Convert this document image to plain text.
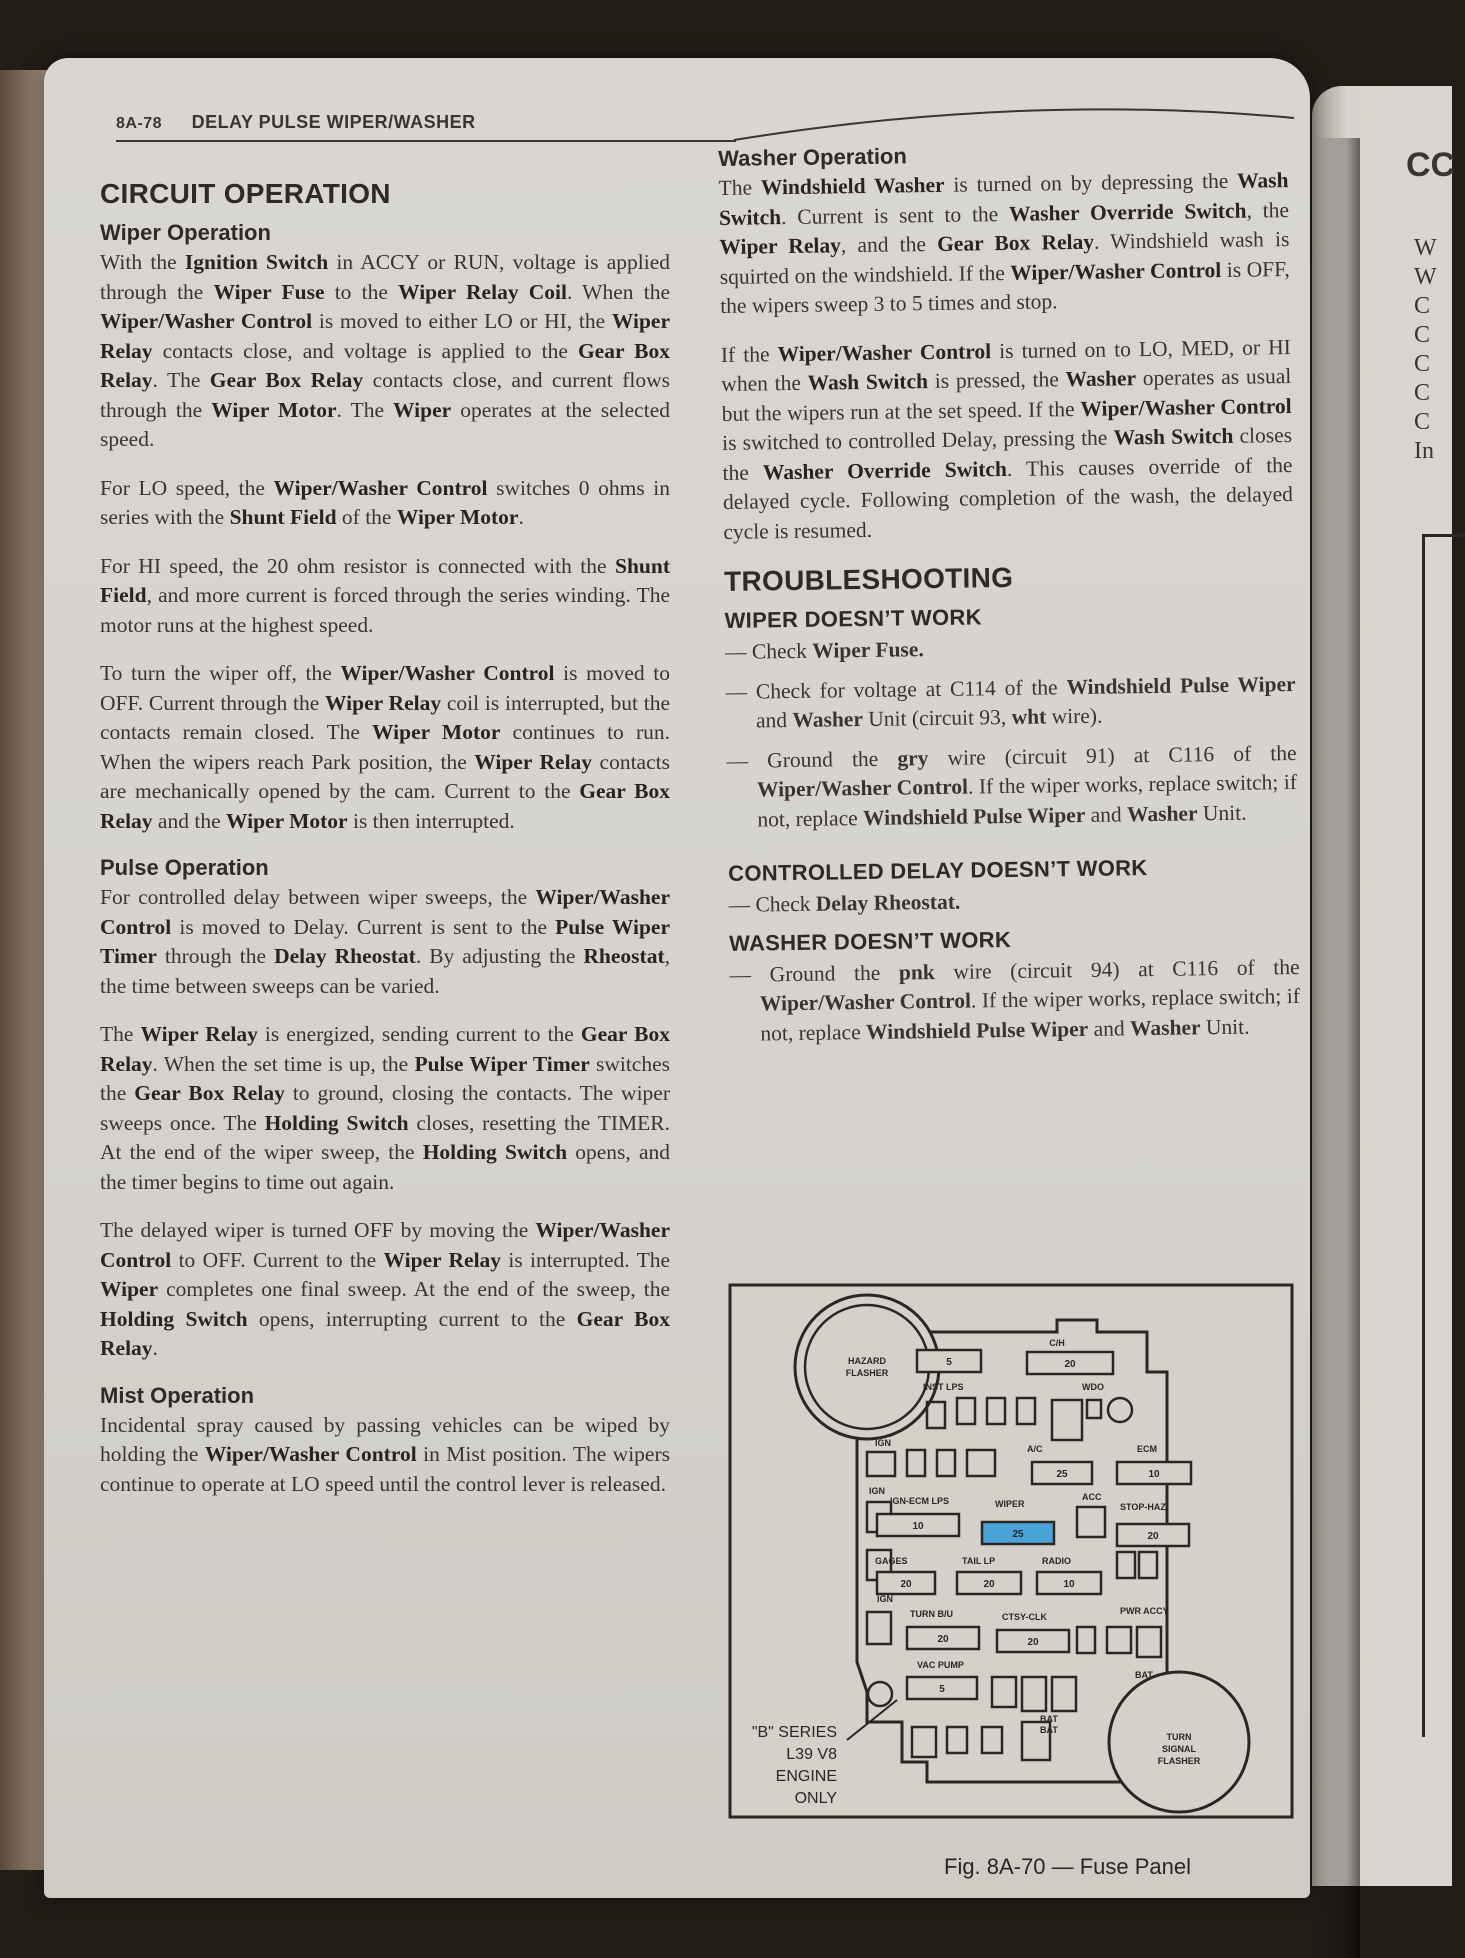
CC
W
W
C
C
C
C
C
In
8A-78 DELAY PULSE WIPER/WASHER
CIRCUIT OPERATION
Wiper Operation
With the Ignition Switch in ACCY or RUN, voltage is applied through the Wiper Fuse to the Wiper Relay Coil. When the Wiper/Washer Control is moved to either LO or HI, the Wiper Relay contacts close, and voltage is applied to the Gear Box Relay. The Gear Box Relay contacts close, and current flows through the Wiper Motor. The Wiper operates at the selected speed.
For LO speed, the Wiper/Washer Control switches 0 ohms in series with the Shunt Field of the Wiper Motor.
For HI speed, the 20 ohm resistor is connected with the Shunt Field, and more current is forced through the series winding. The motor runs at the highest speed.
To turn the wiper off, the Wiper/Washer Control is moved to OFF. Current through the Wiper Relay coil is interrupted, but the contacts remain closed. The Wiper Motor continues to run. When the wipers reach Park position, the Wiper Relay contacts are mechanically opened by the cam. Current to the Gear Box Relay and the Wiper Motor is then interrupted.
Pulse Operation
For controlled delay between wiper sweeps, the Wiper/Washer Control is moved to Delay. Current is sent to the Pulse Wiper Timer through the Delay Rheostat. By adjusting the Rheostat, the time between sweeps can be varied.
The Wiper Relay is energized, sending current to the Gear Box Relay. When the set time is up, the Pulse Wiper Timer switches the Gear Box Relay to ground, closing the contacts. The wiper sweeps once. The Holding Switch closes, resetting the TIMER. At the end of the wiper sweep, the Holding Switch opens, and the timer begins to time out again.
The delayed wiper is turned OFF by moving the Wiper/Washer Control to OFF. Current to the Wiper Relay is interrupted. The Wiper completes one final sweep. At the end of the sweep, the Holding Switch opens, interrupting current to the Gear Box Relay.
Mist Operation
Incidental spray caused by passing vehicles can be wiped by holding the Wiper/Washer Control in Mist position. The wipers continue to operate at LO speed until the control lever is released.
Washer Operation
The Windshield Washer is turned on by depressing the Wash Switch. Current is sent to the Washer Override Switch, the Wiper Relay, and the Gear Box Relay. Windshield wash is squirted on the windshield. If the Wiper/Washer Control is OFF, the wipers sweep 3 to 5 times and stop.
If the Wiper/Washer Control is turned on to LO, MED, or HI when the Wash Switch is pressed, the Washer operates as usual but the wipers run at the set speed. If the Wiper/Washer Control is switched to controlled Delay, pressing the Wash Switch closes the Washer Override Switch. This causes override of the delayed cycle. Following completion of the wash, the delayed cycle is resumed.
TROUBLESHOOTING
WIPER DOESN’T WORK
— Check Wiper Fuse.
— Check for voltage at C114 of the Windshield Pulse Wiper and Washer Unit (circuit 93, wht wire).
— Ground the gry wire (circuit 91) at C116 of the Wiper/Washer Control. If the wiper works, replace switch; if not, replace Windshield Pulse Wiper and Washer Unit.
CONTROLLED DELAY DOESN’T WORK
— Check Delay Rheostat.
WASHER DOESN’T WORK
— Ground the pnk wire (circuit 94) at C116 of the Wiper/Washer Control. If the wiper works, replace switch; if not, replace Windshield Pulse Wiper and Washer Unit.
5	20
25	10
10
25	20
20	20	10
20	20
5
HAZARD
FLASHER
TURN
SIGNAL
FLASHER
C/H
INST LPS	WDO
A/C
IGN
IGN
IGN
ECM
IGN-ECM LPS	WIPER
ACC
STOP-HAZ
GAGES	TAIL LP	RADIO
TURN B/U	CTSY-CLK
PWR ACCY
VAC PUMP
BAT
BAT
BAT
"B" SERIES
L39 V8
ENGINE
ONLY
Fig. 8A-70 — Fuse Panel
